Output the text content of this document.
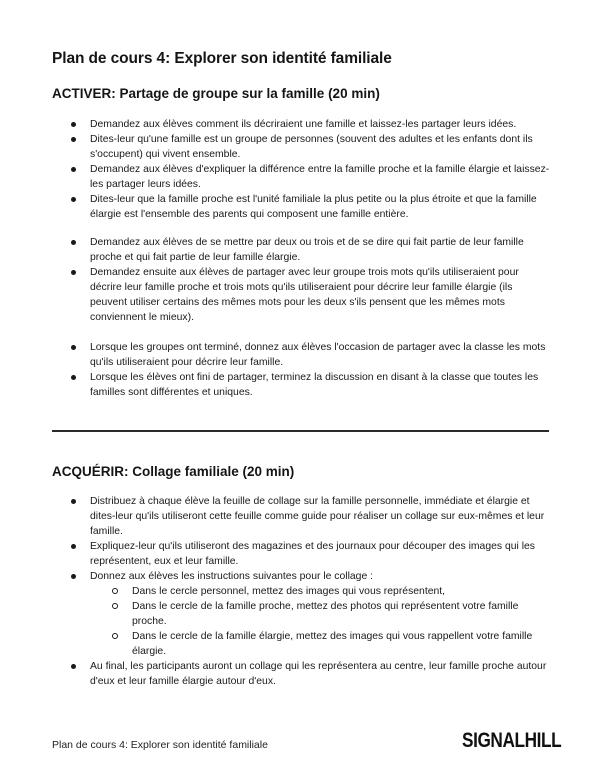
Plan de cours 4: Explorer son identité familiale
ACTIVER: Partage de groupe sur la famille (20 min)
Demandez aux élèves comment ils décriraient une famille et laissez-les partager leurs idées.
Dites-leur qu'une famille est un groupe de personnes (souvent des adultes et les enfants dont ils s'occupent) qui vivent ensemble.
Demandez aux élèves d'expliquer la différence entre la famille proche et la famille élargie et laissez-les partager leurs idées.
Dites-leur que la famille proche est l'unité familiale la plus petite ou la plus étroite et que la famille élargie est l'ensemble des parents qui composent une famille entière.
Demandez aux élèves de se mettre par deux ou trois et de se dire qui fait partie de leur famille proche et qui fait partie de leur famille élargie.
Demandez ensuite aux élèves de partager avec leur groupe trois mots qu'ils utiliseraient pour décrire leur famille proche et trois mots qu'ils utiliseraient pour décrire leur famille élargie (ils peuvent utiliser certains des mêmes mots pour les deux s'ils pensent que les mêmes mots conviennent le mieux).
Lorsque les groupes ont terminé, donnez aux élèves l'occasion de partager avec la classe les mots qu'ils utiliseraient pour décrire leur famille.
Lorsque les élèves ont fini de partager, terminez la discussion en disant à la classe que toutes les familles sont différentes et uniques.
ACQUÉRIR: Collage familiale (20 min)
Distribuez à chaque élève la feuille de collage sur la famille personnelle, immédiate et élargie et dites-leur qu'ils utiliseront cette feuille comme guide pour réaliser un collage sur eux-mêmes et leur famille.
Expliquez-leur qu'ils utiliseront des magazines et des journaux pour découper des images qui les représentent, eux et leur famille.
Donnez aux élèves les instructions suivantes pour le collage :
Dans le cercle personnel, mettez des images qui vous représentent,
Dans le cercle de la famille proche, mettez des photos qui représentent votre famille proche.
Dans le cercle de la famille élargie, mettez des images qui vous rappellent votre famille élargie.
Au final, les participants auront un collage qui les représentera au centre, leur famille proche autour d'eux et leur famille élargie autour d'eux.
Plan de cours 4: Explorer son identité familiale	SIGNALHILL
